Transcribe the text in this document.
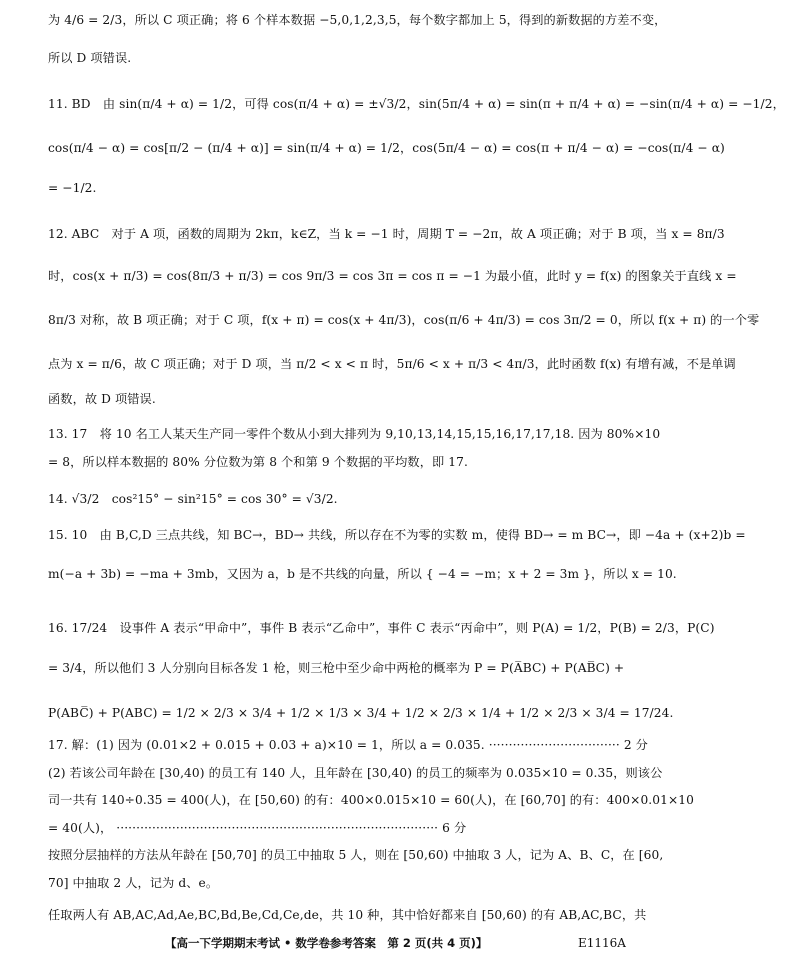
为 4/6 = 2/3，所以 C 项正确；将 6 个样本数据 −5,0,1,2,3,5，每个数字都加上 5，得到的新数据的方差不变，
所以 D 项错误.
11. BD　由 sin(π/4 + α) = 1/2，可得 cos(π/4 + α) = ±√3/2，sin(5π/4 + α) = sin(π + π/4 + α) = −sin(π/4 + α) = −1/2，
cos(π/4 − α) = cos[π/2 − (π/4 + α)] = sin(π/4 + α) = 1/2，cos(5π/4 − α) = cos(π + π/4 − α) = −cos(π/4 − α)
= −1/2.
12. ABC　对于 A 项，函数的周期为 2kπ，k∈Z，当 k = −1 时，周期 T = −2π，故 A 项正确；对于 B 项，当 x = 8π/3
时，cos(x + π/3) = cos(8π/3 + π/3) = cos 9π/3 = cos 3π = cos π = −1 为最小值，此时 y = f(x) 的图象关于直线 x =
8π/3 对称，故 B 项正确；对于 C 项，f(x + π) = cos(x + 4π/3)，cos(π/6 + 4π/3) = cos 3π/2 = 0，所以 f(x + π) 的一个零
点为 x = π/6，故 C 项正确；对于 D 项，当 π/2 < x < π 时，5π/6 < x + π/3 < 4π/3，此时函数 f(x) 有增有减，不是单调
函数，故 D 项错误.
13. 17　将 10 名工人某天生产同一零件个数从小到大排列为 9,10,13,14,15,15,16,17,17,18. 因为 80%×10
= 8，所以样本数据的 80% 分位数为第 8 个和第 9 个数据的平均数，即 17.
14. √3/2　cos²15° − sin²15° = cos 30° = √3/2.
15. 10　由 B,C,D 三点共线，知 BC→，BD→ 共线，所以存在不为零的实数 m，使得 BD→ = m BC→，即 −4a + (x+2)b =
m(−a + 3b) = −ma + 3mb，又因为 a，b 是不共线的向量，所以 { −4 = −m；x + 2 = 3m }，所以 x = 10.
16. 17/24　设事件 A 表示“甲命中”，事件 B 表示“乙命中”，事件 C 表示“丙命中”，则 P(A) = 1/2，P(B) = 2/3，P(C)
= 3/4，所以他们 3 人分别向目标各发 1 枪，则三枪中至少命中两枪的概率为 P = P(A̅BC) + P(AB̅C) +
P(ABC̅) + P(ABC) = 1/2 × 2/3 × 3/4 + 1/2 × 1/3 × 3/4 + 1/2 × 2/3 × 1/4 + 1/2 × 2/3 × 3/4 = 17/24.
17. 解：(1) 因为 (0.01×2 + 0.015 + 0.03 + a)×10 = 1，所以 a = 0.035. ································· 2 分
(2) 若该公司年龄在 [30,40) 的员工有 140 人，且年龄在 [30,40) 的员工的频率为 0.035×10 = 0.35，则该公
司一共有 140÷0.35 = 400(人)，在 [50,60) 的有：400×0.015×10 = 60(人)，在 [60,70] 的有：400×0.01×10
= 40(人)， ················································································· 6 分
按照分层抽样的方法从年龄在 [50,70] 的员工中抽取 5 人，则在 [50,60) 中抽取 3 人，记为 A、B、C，在 [60,
70] 中抽取 2 人，记为 d、e。
任取两人有 AB,AC,Ad,Ae,BC,Bd,Be,Cd,Ce,de，共 10 种，其中恰好都来自 [50,60) 的有 AB,AC,BC，共
【高一下学期期末考试 • 数学卷参考答案　第 2 页(共 4 页)】	E1116A
